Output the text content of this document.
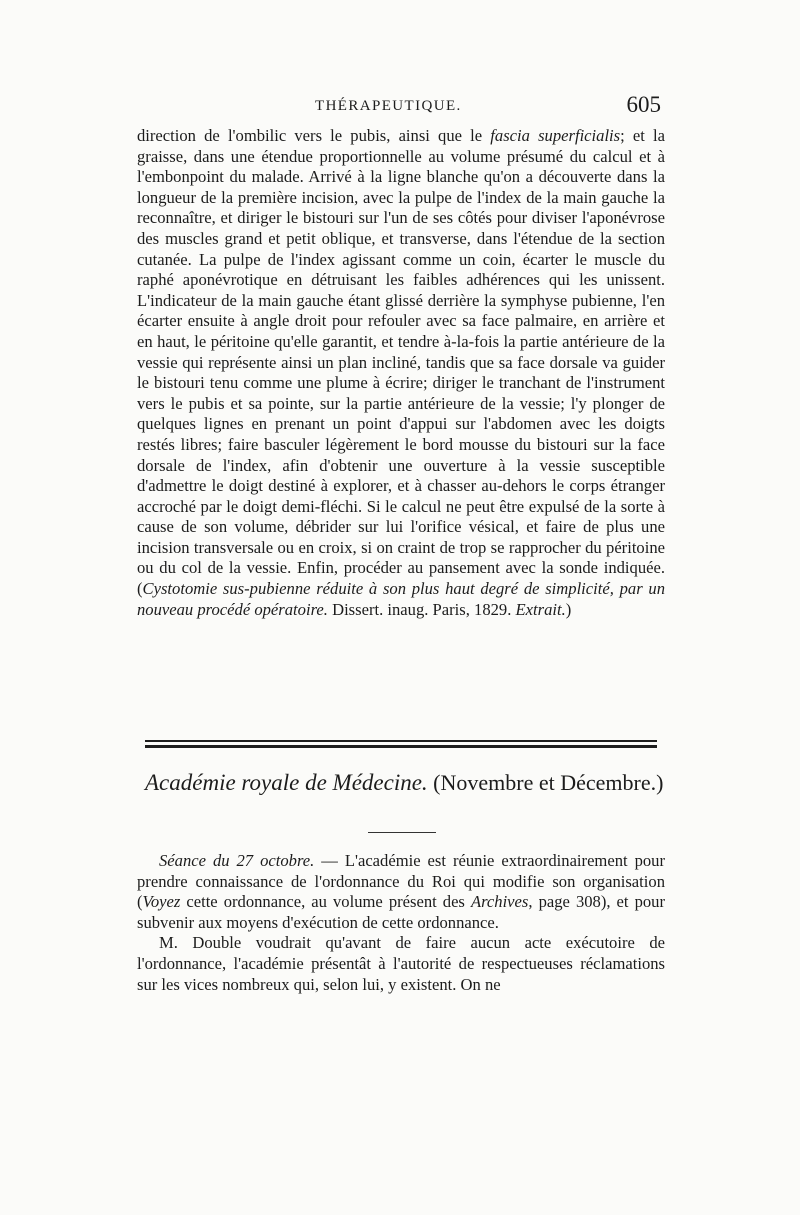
THÉRAPEUTIQUE.	605

direction de l'ombilic vers le pubis, ainsi que le fascia superficialis; et la graisse, dans une étendue proportionnelle au volume présumé du calcul et à l'embonpoint du malade. Arrivé à la ligne blanche qu'on a découverte dans la longueur de la première incision, avec la pulpe de l'index de la main gauche la reconnaître, et diriger le bistouri sur l'un de ses côtés pour diviser l'aponévrose des muscles grand et petit oblique, et transverse, dans l'étendue de la section cutanée. La pulpe de l'index agissant comme un coin, écarter le muscle du raphé aponévrotique en détruisant les faibles adhérences qui les unissent. L'indicateur de la main gauche étant glissé derrière la symphyse pubienne, l'en écarter ensuite à angle droit pour refouler avec sa face palmaire, en arrière et en haut, le péritoine qu'elle garantit, et tendre à-la-fois la partie antérieure de la vessie qui représente ainsi un plan incliné, tandis que sa face dorsale va guider le bistouri tenu comme une plume à écrire; diriger le tranchant de l'instrument vers le pubis et sa pointe, sur la partie antérieure de la vessie; l'y plonger de quelques lignes en prenant un point d'appui sur l'abdomen avec les doigts restés libres; faire basculer légèrement le bord mousse du bistouri sur la face dorsale de l'index, afin d'obtenir une ouverture à la vessie susceptible d'admettre le doigt destiné à explorer, et à chasser au-dehors le corps étranger accroché par le doigt demi-fléchi. Si le calcul ne peut être expulsé de la sorte à cause de son volume, débrider sur lui l'orifice vésical, et faire de plus une incision transversale ou en croix, si on craint de trop se rapprocher du péritoine ou du col de la vessie. Enfin, procéder au pansement avec la sonde indiquée. (Cystotomie sus-pubienne réduite à son plus haut degré de simplicité, par un nouveau procédé opératoire. Dissert. inaug. Paris, 1829. Extrait.)

Académie royale de Médecine. (Novembre et Décembre.)

Séance du 27 octobre. — L'académie est réunie extraordinairement pour prendre connaissance de l'ordonnance du Roi qui modifie son organisation (Voyez cette ordonnance, au volume présent des Archives, page 308), et pour subvenir aux moyens d'exécution de cette ordonnance.

M. Double voudrait qu'avant de faire aucun acte exécutoire de l'ordonnance, l'académie présentât à l'autorité de respectueuses réclamations sur les vices nombreux qui, selon lui, y existent. On ne
